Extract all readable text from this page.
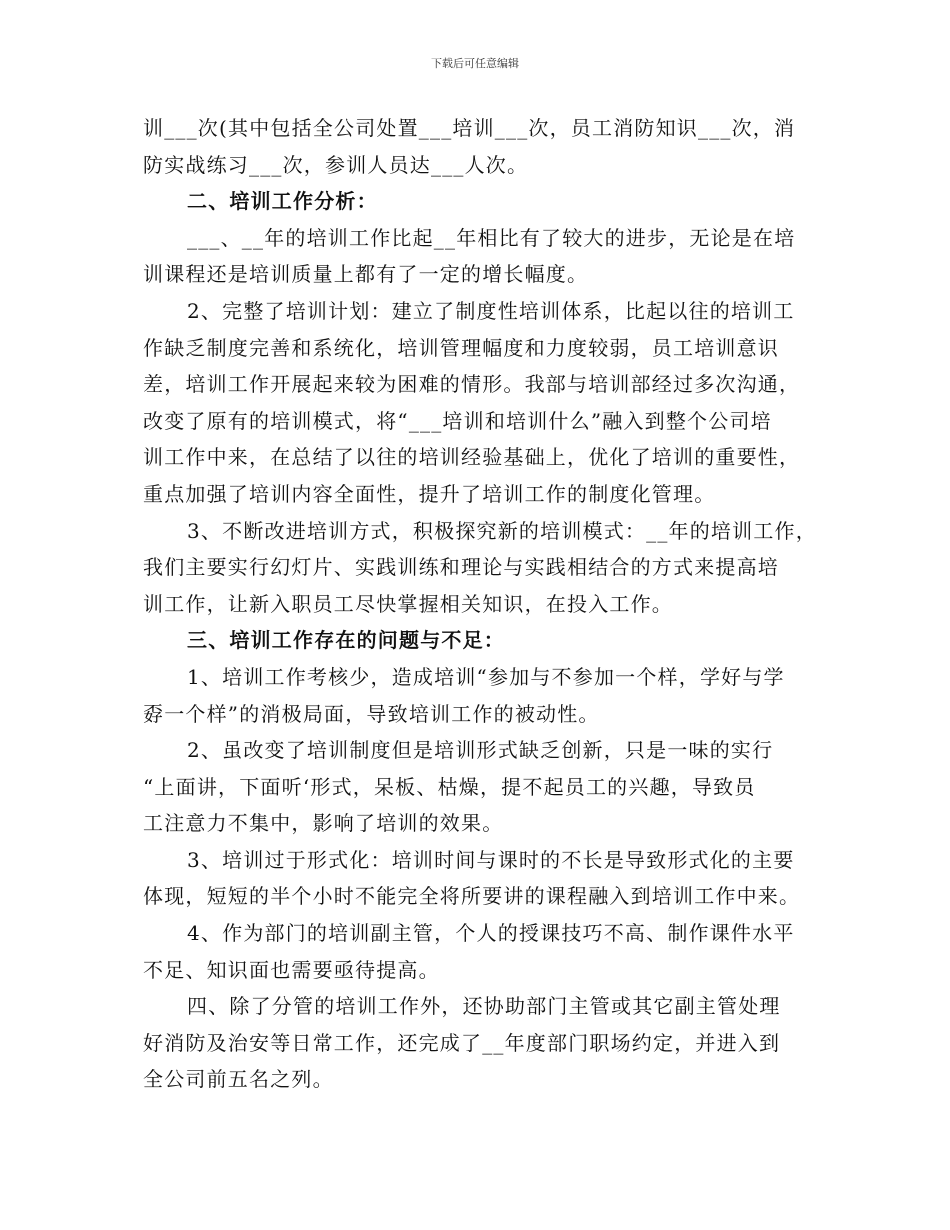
下载后可任意编辑
训___次(其中包括全公司处置___培训___次，员工消防知识___次，消
防实战练习___次，参训人员达___人次。
二、培训工作分析：
___、__年的培训工作比起__年相比有了较大的进步，无论是在培
训课程还是培训质量上都有了一定的增长幅度。
2、完整了培训计划：建立了制度性培训体系，比起以往的培训工
作缺乏制度完善和系统化，培训管理幅度和力度较弱，员工培训意识
差，培训工作开展起来较为困难的情形。我部与培训部经过多次沟通，
改变了原有的培训模式，将“___培训和培训什么”融入到整个公司培
训工作中来，在总结了以往的培训经验基础上，优化了培训的重要性，
重点加强了培训内容全面性，提升了培训工作的制度化管理。
3、不断改进培训方式，积极探究新的培训模式：__年的培训工作，
我们主要实行幻灯片、实践训练和理论与实践相结合的方式来提高培
训工作，让新入职员工尽快掌握相关知识，在投入工作。
三、培训工作存在的问题与不足：
1、培训工作考核少，造成培训“参加与不参加一个样，学好与学
孬一个样”的消极局面，导致培训工作的被动性。
2、虽改变了培训制度但是培训形式缺乏创新，只是一味的实行
“上面讲，下面听‘形式，呆板、枯燥，提不起员工的兴趣，导致员
工注意力不集中，影响了培训的效果。
3、培训过于形式化：培训时间与课时的不长是导致形式化的主要
体现，短短的半个小时不能完全将所要讲的课程融入到培训工作中来。
4、作为部门的培训副主管，个人的授课技巧不高、制作课件水平
不足、知识面也需要亟待提高。
四、除了分管的培训工作外，还协助部门主管或其它副主管处理
好消防及治安等日常工作，还完成了__年度部门职场约定，并进入到
全公司前五名之列。
